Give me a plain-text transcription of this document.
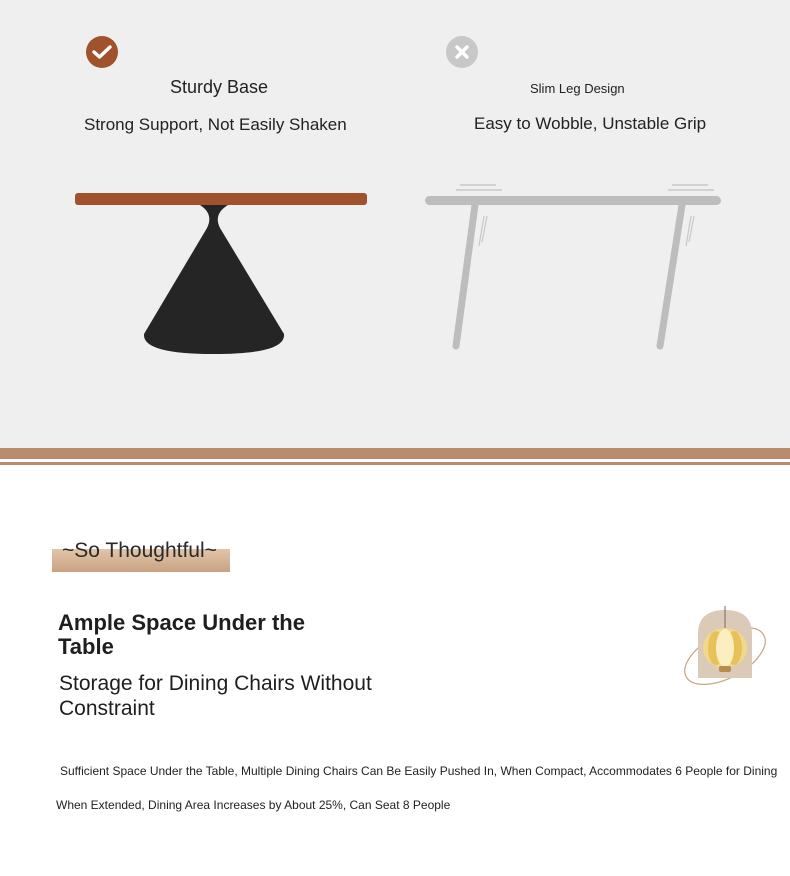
Sturdy Base
Strong Support, Not Easily Shaken
Slim Leg Design
Easy to Wobble, Unstable Grip
~So Thoughtful~
Ample Space Under the Table
Storage for Dining Chairs Without Constraint
Sufficient Space Under the Table, Multiple Dining Chairs Can Be Easily Pushed In, When Compact, Accommodates 6 People for Dining
When Extended, Dining Area Increases by About 25%, Can Seat 8 People
